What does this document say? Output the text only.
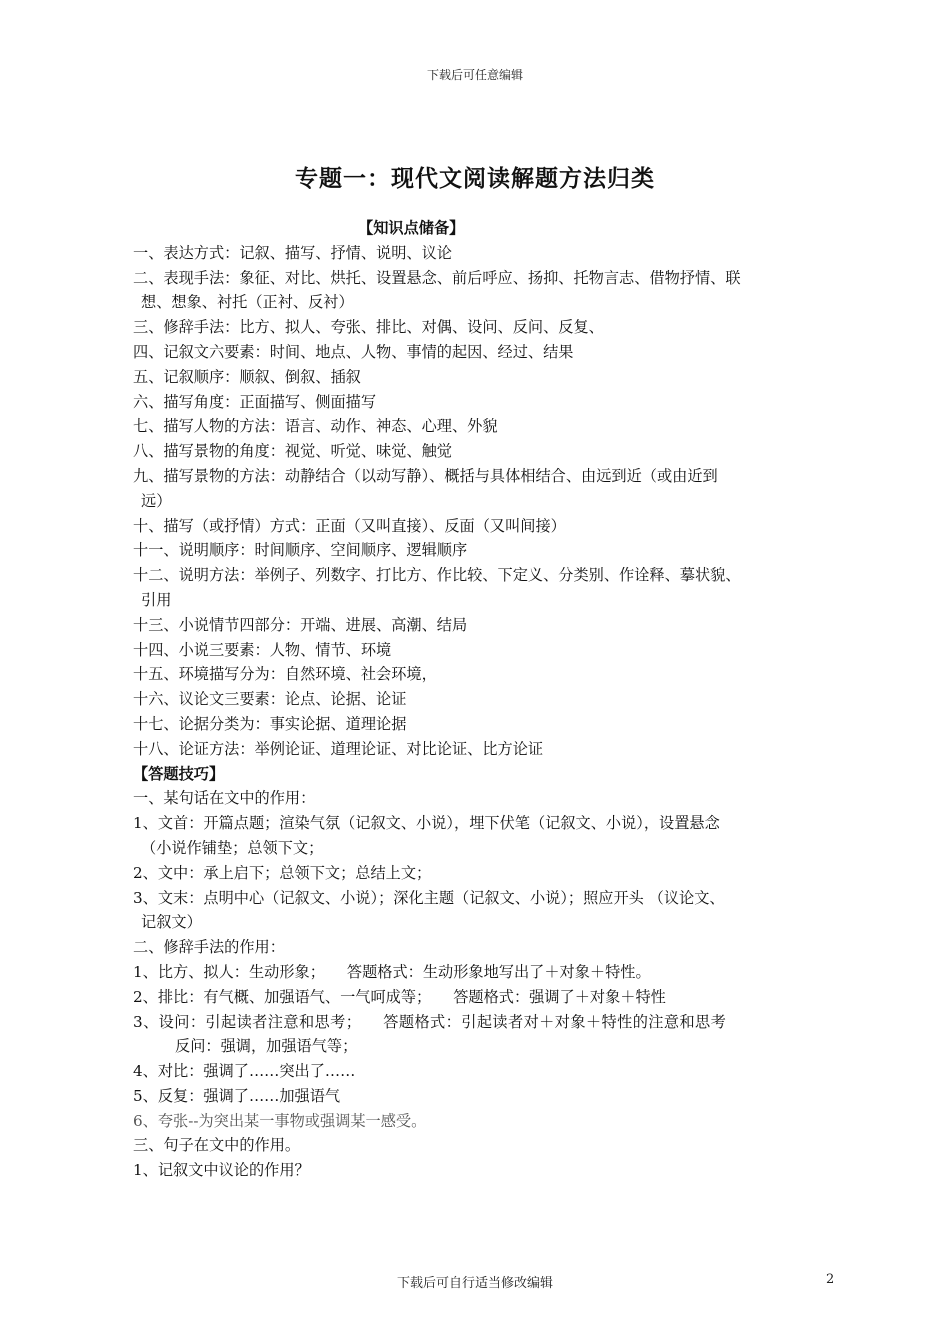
下载后可任意编辑
专题一：现代文阅读解题方法归类
【知识点储备】
一、表达方式：记叙、描写、抒情、说明、议论
二、表现手法：象征、对比、烘托、设置悬念、前后呼应、扬抑、托物言志、借物抒情、联
想、想象、衬托（正衬、反衬）
三、修辞手法：比方、拟人、夸张、排比、对偶、设问、反问、反复、
四、记叙文六要素：时间、地点、人物、事情的起因、经过、结果
五、记叙顺序：顺叙、倒叙、插叙
六、描写角度：正面描写、侧面描写
七、描写人物的方法：语言、动作、神态、心理、外貌
八、描写景物的角度：视觉、听觉、味觉、触觉
九、描写景物的方法：动静结合（以动写静）、概括与具体相结合、由远到近（或由近到
远）
十、描写（或抒情）方式：正面（又叫直接）、反面（又叫间接）
十一、说明顺序：时间顺序、空间顺序、逻辑顺序
十二、说明方法：举例子、列数字、打比方、作比较、下定义、分类别、作诠释、摹状貌、
引用
十三、小说情节四部分：开端、进展、高潮、结局
十四、小说三要素：人物、情节、环境
十五、环境描写分为：自然环境、社会环境，
十六、议论文三要素：论点、论据、论证
十七、论据分类为：事实论据、道理论据
十八、论证方法：举例论证、道理论证、对比论证、比方论证
【答题技巧】
一、某句话在文中的作用：
1、文首：开篇点题；渲染气氛（记叙文、小说），埋下伏笔（记叙文、小说），设置悬念
（小说作铺垫；总领下文；
2、文中：承上启下；总领下文；总结上文；
3、文末：点明中心（记叙文、小说）；深化主题（记叙文、小说）；照应开头 （议论文、
记叙文）
二、修辞手法的作用：
1、比方、拟人：生动形象； 答题格式：生动形象地写出了＋对象＋特性。
2、排比：有气概、加强语气、一气呵成等； 答题格式：强调了＋对象＋特性
3、设问：引起读者注意和思考； 答题格式：引起读者对＋对象＋特性的注意和思考
反问：强调，加强语气等；
4、对比：强调了……突出了……
5、反复：强调了……加强语气
6、夸张--为突出某一事物或强调某一感受。
三、句子在文中的作用。
1、记叙文中议论的作用？
下载后可自行适当修改编辑	2
